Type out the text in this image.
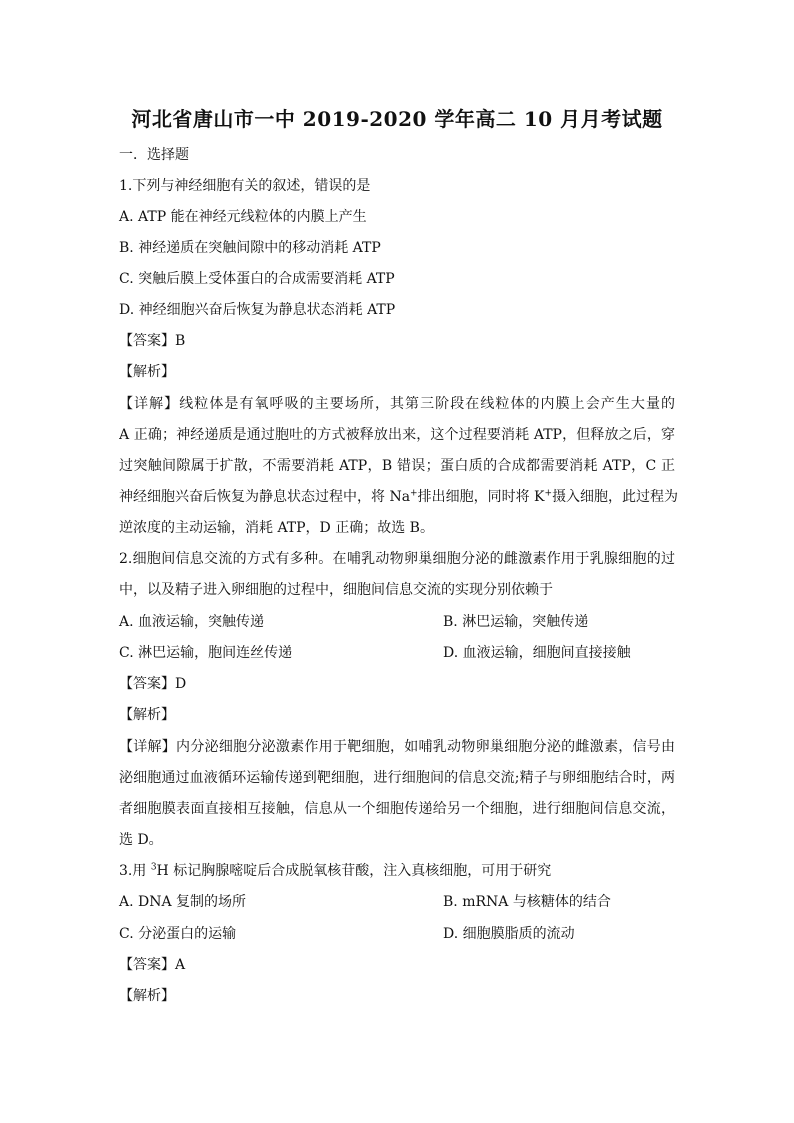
河北省唐山市一中 2019-2020 学年高二 10 月月考试题
一．选择题
1.下列与神经细胞有关的叙述，错误的是
A. ATP 能在神经元线粒体的内膜上产生
B. 神经递质在突触间隙中的移动消耗 ATP
C. 突触后膜上受体蛋白的合成需要消耗 ATP
D. 神经细胞兴奋后恢复为静息状态消耗 ATP
【答案】B
【解析】
【详解】线粒体是有氧呼吸的主要场所，其第三阶段在线粒体的内膜上会产生大量的
A 正确；神经递质是通过胞吐的方式被释放出来，这个过程要消耗 ATP，但释放之后，穿
过突触间隙属于扩散，不需要消耗 ATP，B 错误；蛋白质的合成都需要消耗 ATP，C 正
神经细胞兴奋后恢复为静息状态过程中，将 Na+排出细胞，同时将 K+摄入细胞，此过程为
逆浓度的主动运输，消耗 ATP，D 正确；故选 B。
2.细胞间信息交流的方式有多种。在哺乳动物卵巢细胞分泌的雌激素作用于乳腺细胞的过
中，以及精子进入卵细胞的过程中，细胞间信息交流的实现分别依赖于
A. 血液运输，突触传递	B. 淋巴运输，突触传递
C. 淋巴运输，胞间连丝传递	D. 血液运输，细胞间直接接触
【答案】D
【解析】
【详解】内分泌细胞分泌激素作用于靶细胞，如哺乳动物卵巢细胞分泌的雌激素，信号由
泌细胞通过血液循环运输传递到靶细胞，进行细胞间的信息交流;精子与卵细胞结合时，两
者细胞膜表面直接相互接触，信息从一个细胞传递给另一个细胞，进行细胞间信息交流，
选 D。
3.用 $^3$H 标记胸腺嘧啶后合成脱氧核苷酸，注入真核细胞，可用于研究
A. DNA 复制的场所	B. mRNA 与核糖体的结合
C. 分泌蛋白的运输	D. 细胞膜脂质的流动
【答案】A
【解析】
